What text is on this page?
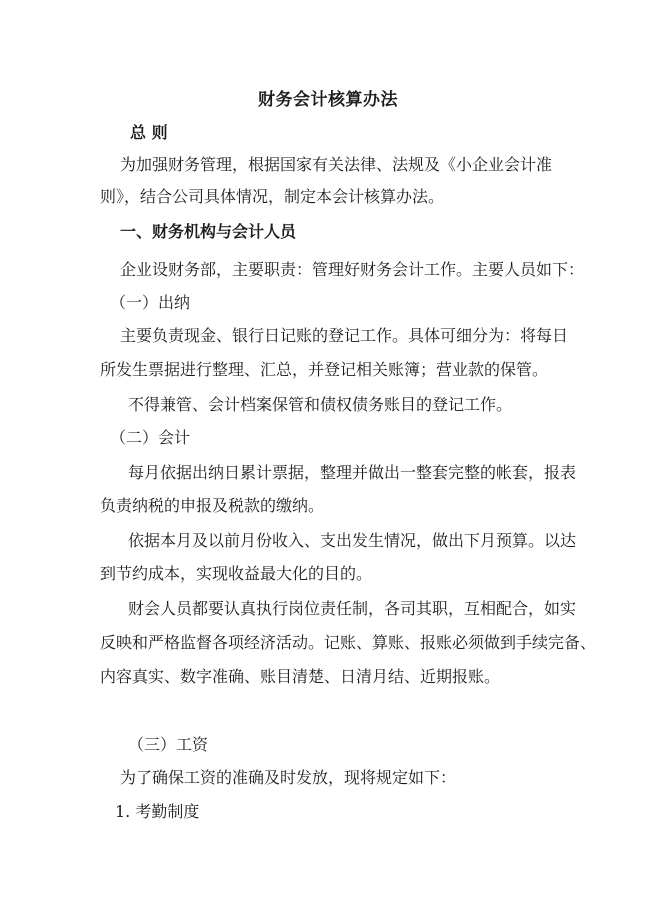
财务会计核算办法
总 则
为加强财务管理，根据国家有关法律、法规及《小企业会计准
则》，结合公司具体情况，制定本会计核算办法。
一、财务机构与会计人员
企业设财务部，主要职责：管理好财务会计工作。主要人员如下：
（一）出纳
主要负责现金、银行日记账的登记工作。具体可细分为：将每日
所发生票据进行整理、汇总，并登记相关账簿；营业款的保管。
不得兼管、会计档案保管和债权债务账目的登记工作。
（二）会计
每月依据出纳日累计票据，整理并做出一整套完整的帐套，报表
负责纳税的申报及税款的缴纳。
依据本月及以前月份收入、支出发生情况，做出下月预算。以达
到节约成本，实现收益最大化的目的。
财会人员都要认真执行岗位责任制，各司其职，互相配合，如实
反映和严格监督各项经济活动。记账、算账、报账必须做到手续完备、
内容真实、数字准确、账目清楚、日清月结、近期报账。
（三）工资
为了确保工资的准确及时发放，现将规定如下：
1. 考勤制度
